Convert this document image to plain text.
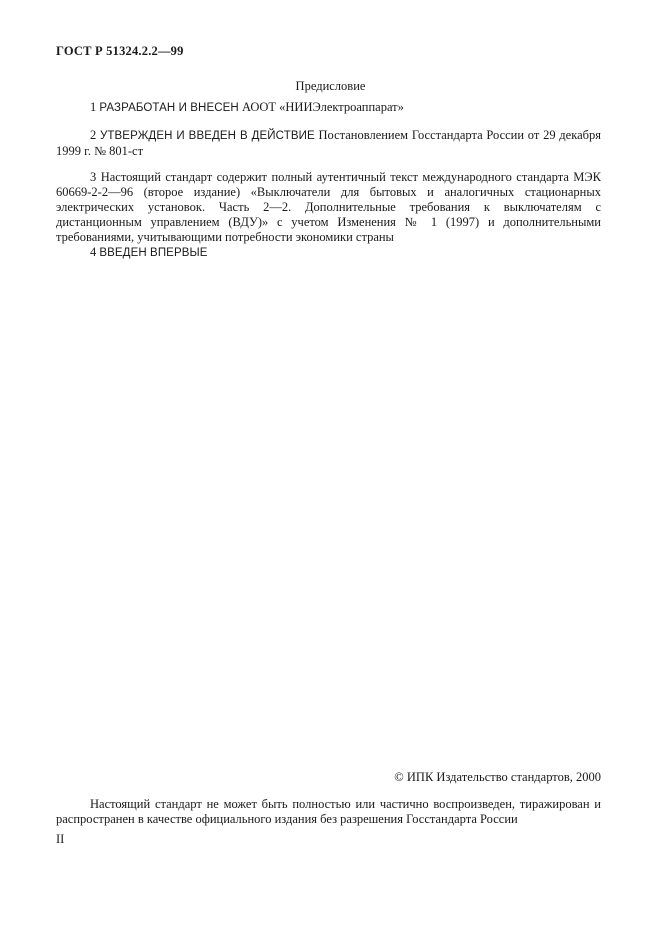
ГОСТ Р 51324.2.2—99
Предисловие
1 РАЗРАБОТАН И ВНЕСЕН АООТ «НИИЭлектроаппарат»
2 УТВЕРЖДЕН И ВВЕДЕН В ДЕЙСТВИЕ Постановлением Госстандарта России от 29 декабря 1999 г. № 801-ст
3 Настоящий стандарт содержит полный аутентичный текст международного стандарта МЭК 60669-2-2—96 (второе издание) «Выключатели для бытовых и аналогичных стационарных электрических установок. Часть 2—2. Дополнительные требования к выключателям с дистанционным управлением (ВДУ)» с учетом Изменения № 1 (1997) и дополнительными требованиями, учитывающими потребности экономики страны
4 ВВЕДЕН ВПЕРВЫЕ
© ИПК Издательство стандартов, 2000
Настоящий стандарт не может быть полностью или частично воспроизведен, тиражирован и распространен в качестве официального издания без разрешения Госстандарта России
II
